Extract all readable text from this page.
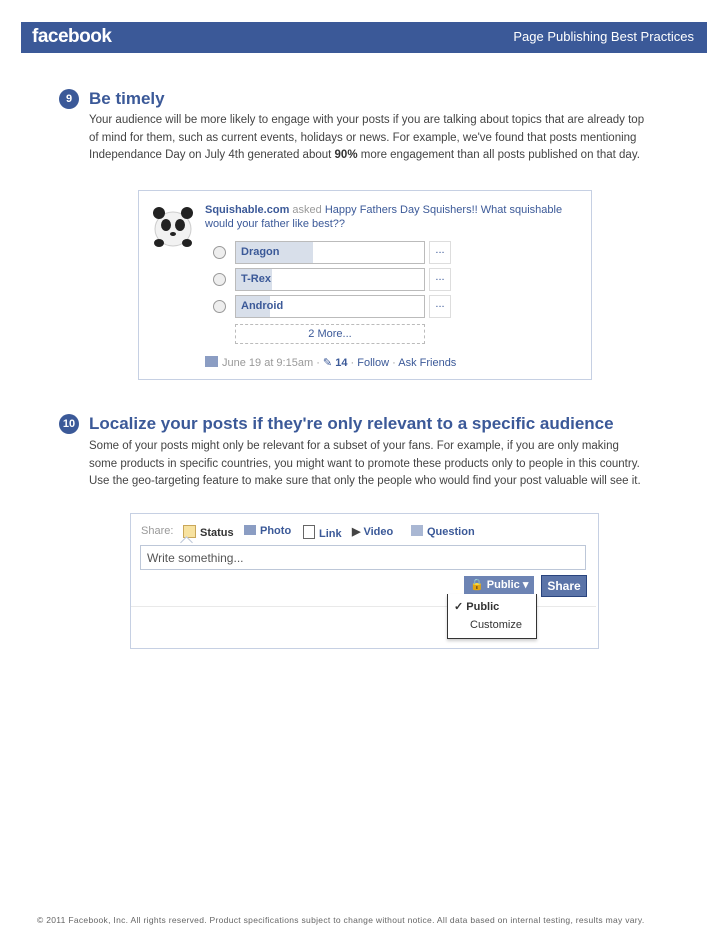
facebook	Page Publishing Best Practices
9 Be timely
Your audience will be more likely to engage with your posts if you are talking about topics that are already top of mind for them, such as current events, holidays or news. For example, we've found that posts mentioning Independance Day on July 4th generated about 90% more engagement than all posts published on that day.
Squishable.com asked Happy Fathers Day Squishers!! What squishable would your father like best??
Dragon	...
T-Rex	...
Android	...
2 More...
June 19 at 9:15am · ✎ 14 · Follow · Ask Friends
10 Localize your posts if they're only relevant to a specific audience
Some of your posts might only be relevant for a subset of your fans. For example, if you are only making some products in specific countries, you might want to promote these products only to people in this country. Use the geo-targeting feature to make sure that only the people who would find your post valuable will see it.
Share:	Status	Photo	Link ▶ Video	Question
Write something...
🔒 Public ▾	Share
✓ Public
Customize
© 2011 Facebook, Inc. All rights reserved. Product specifications subject to change without notice. All data based on internal testing, results may vary.
